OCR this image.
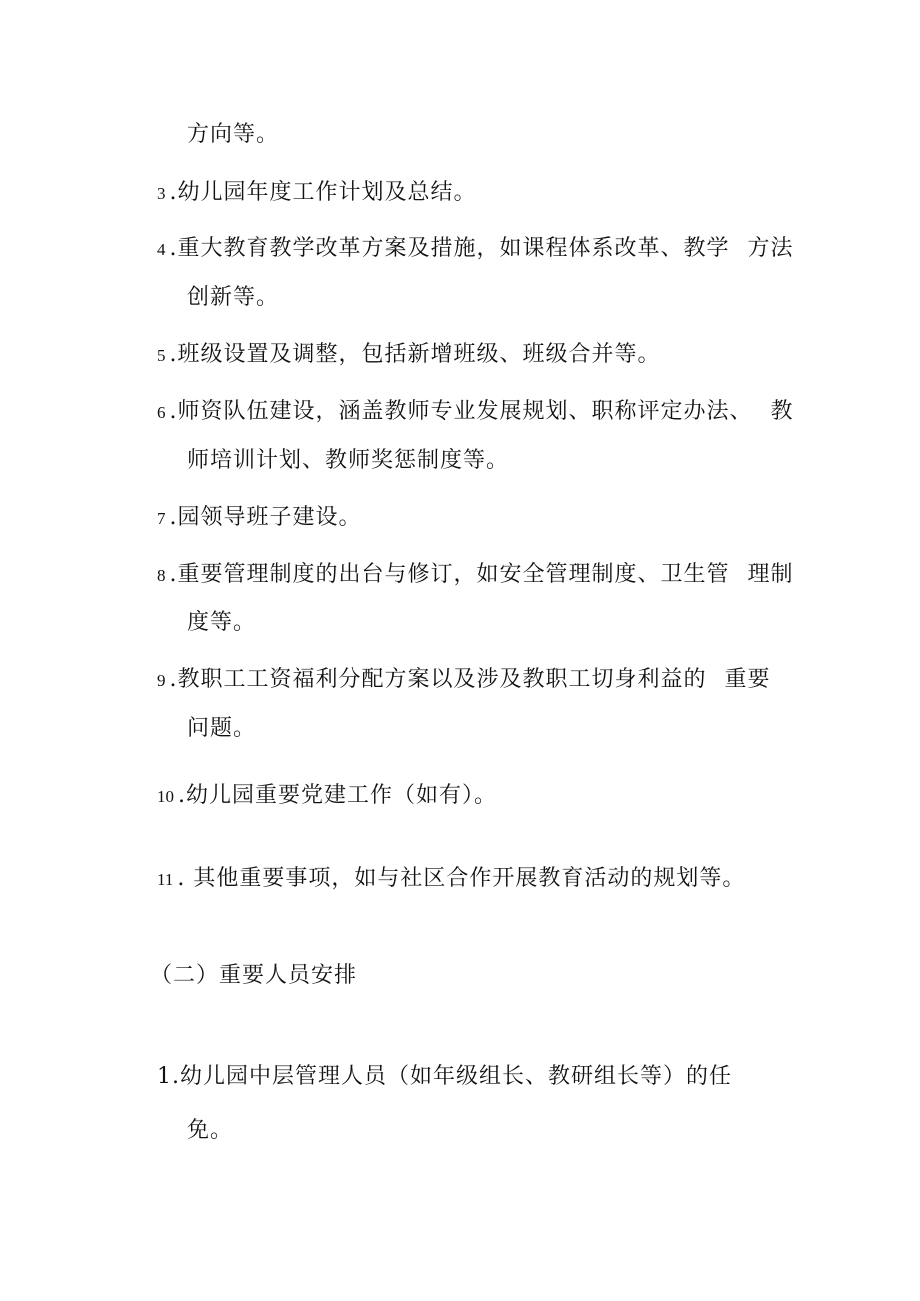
方向等。
3 .幼儿园年度工作计划及总结。
4 .重大教育教学改革方案及措施，如课程体系改革、教学 方法
创新等。
5 .班级设置及调整，包括新增班级、班级合并等。
6 .师资队伍建设，涵盖教师专业发展规划、职称评定办法、 教
师培训计划、教师奖惩制度等。
7 .园领导班子建设。
8 .重要管理制度的出台与修订，如安全管理制度、卫生管 理制
度等。
9 .教职工工资福利分配方案以及涉及教职工切身利益的 重要
问题。
10 .幼儿园重要党建工作（如有）。
11 . 其他重要事项，如与社区合作开展教育活动的规划等。
（二）重要人员安排
1.幼儿园中层管理人员（如年级组长、教研组长等）的任
免。
